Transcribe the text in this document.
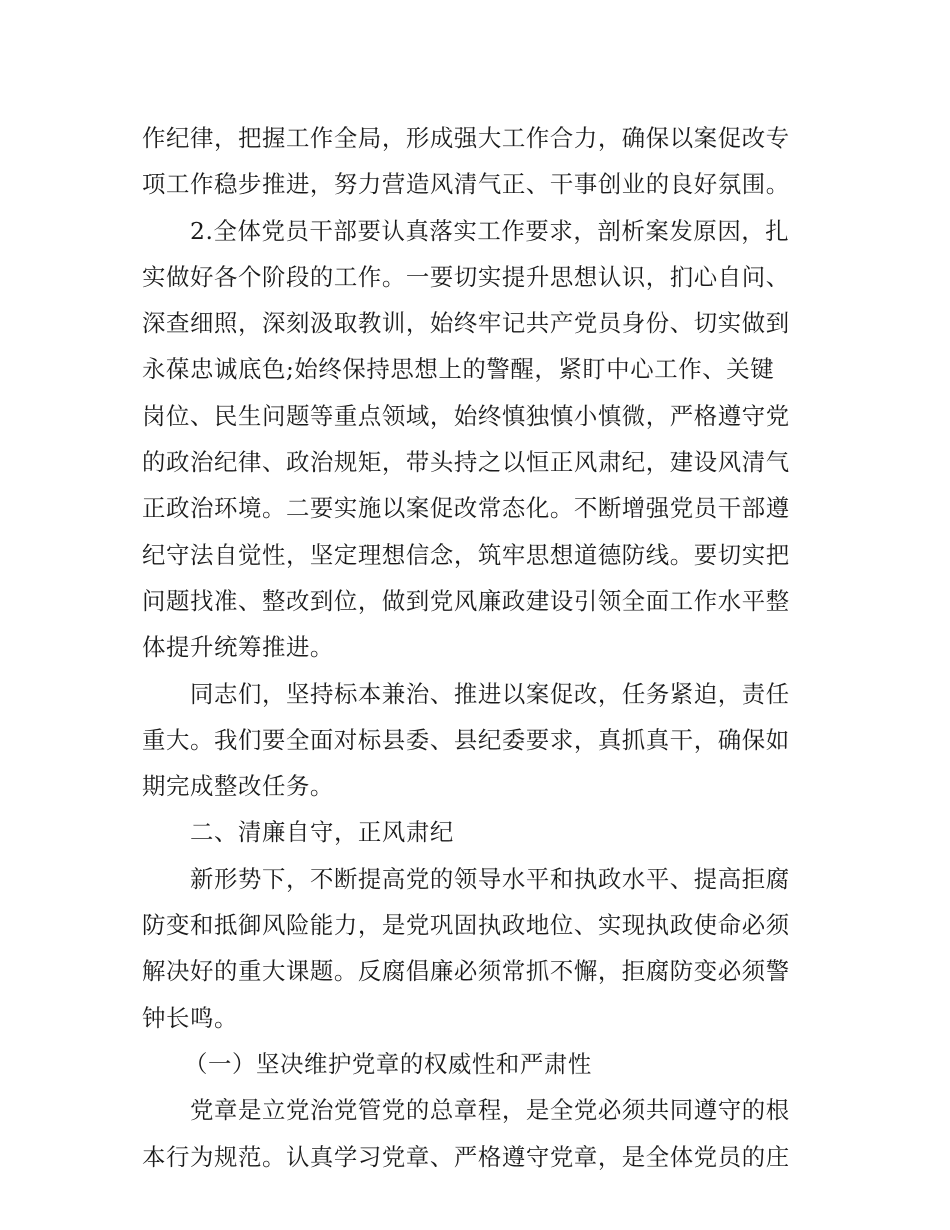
作纪律，把握工作全局，形成强大工作合力，确保以案促改专
项工作稳步推进，努力营造风清气正、干事创业的良好氛围。
2.全体党员干部要认真落实工作要求，剖析案发原因，扎
实做好各个阶段的工作。一要切实提升思想认识，扪心自问、
深查细照，深刻汲取教训，始终牢记共产党员身份、切实做到
永葆忠诚底色;始终保持思想上的警醒，紧盯中心工作、关键
岗位、民生问题等重点领域，始终慎独慎小慎微，严格遵守党
的政治纪律、政治规矩，带头持之以恒正风肃纪，建设风清气
正政治环境。二要实施以案促改常态化。不断增强党员干部遵
纪守法自觉性，坚定理想信念，筑牢思想道德防线。要切实把
问题找准、整改到位，做到党风廉政建设引领全面工作水平整
体提升统筹推进。
同志们，坚持标本兼治、推进以案促改，任务紧迫，责任
重大。我们要全面对标县委、县纪委要求，真抓真干，确保如
期完成整改任务。
二、清廉自守，正风肃纪
新形势下，不断提高党的领导水平和执政水平、提高拒腐
防变和抵御风险能力，是党巩固执政地位、实现执政使命必须
解决好的重大课题。反腐倡廉必须常抓不懈，拒腐防变必须警
钟长鸣。
（一）坚决维护党章的权威性和严肃性
党章是立党治党管党的总章程，是全党必须共同遵守的根
本行为规范。认真学习党章、严格遵守党章，是全体党员的庄
